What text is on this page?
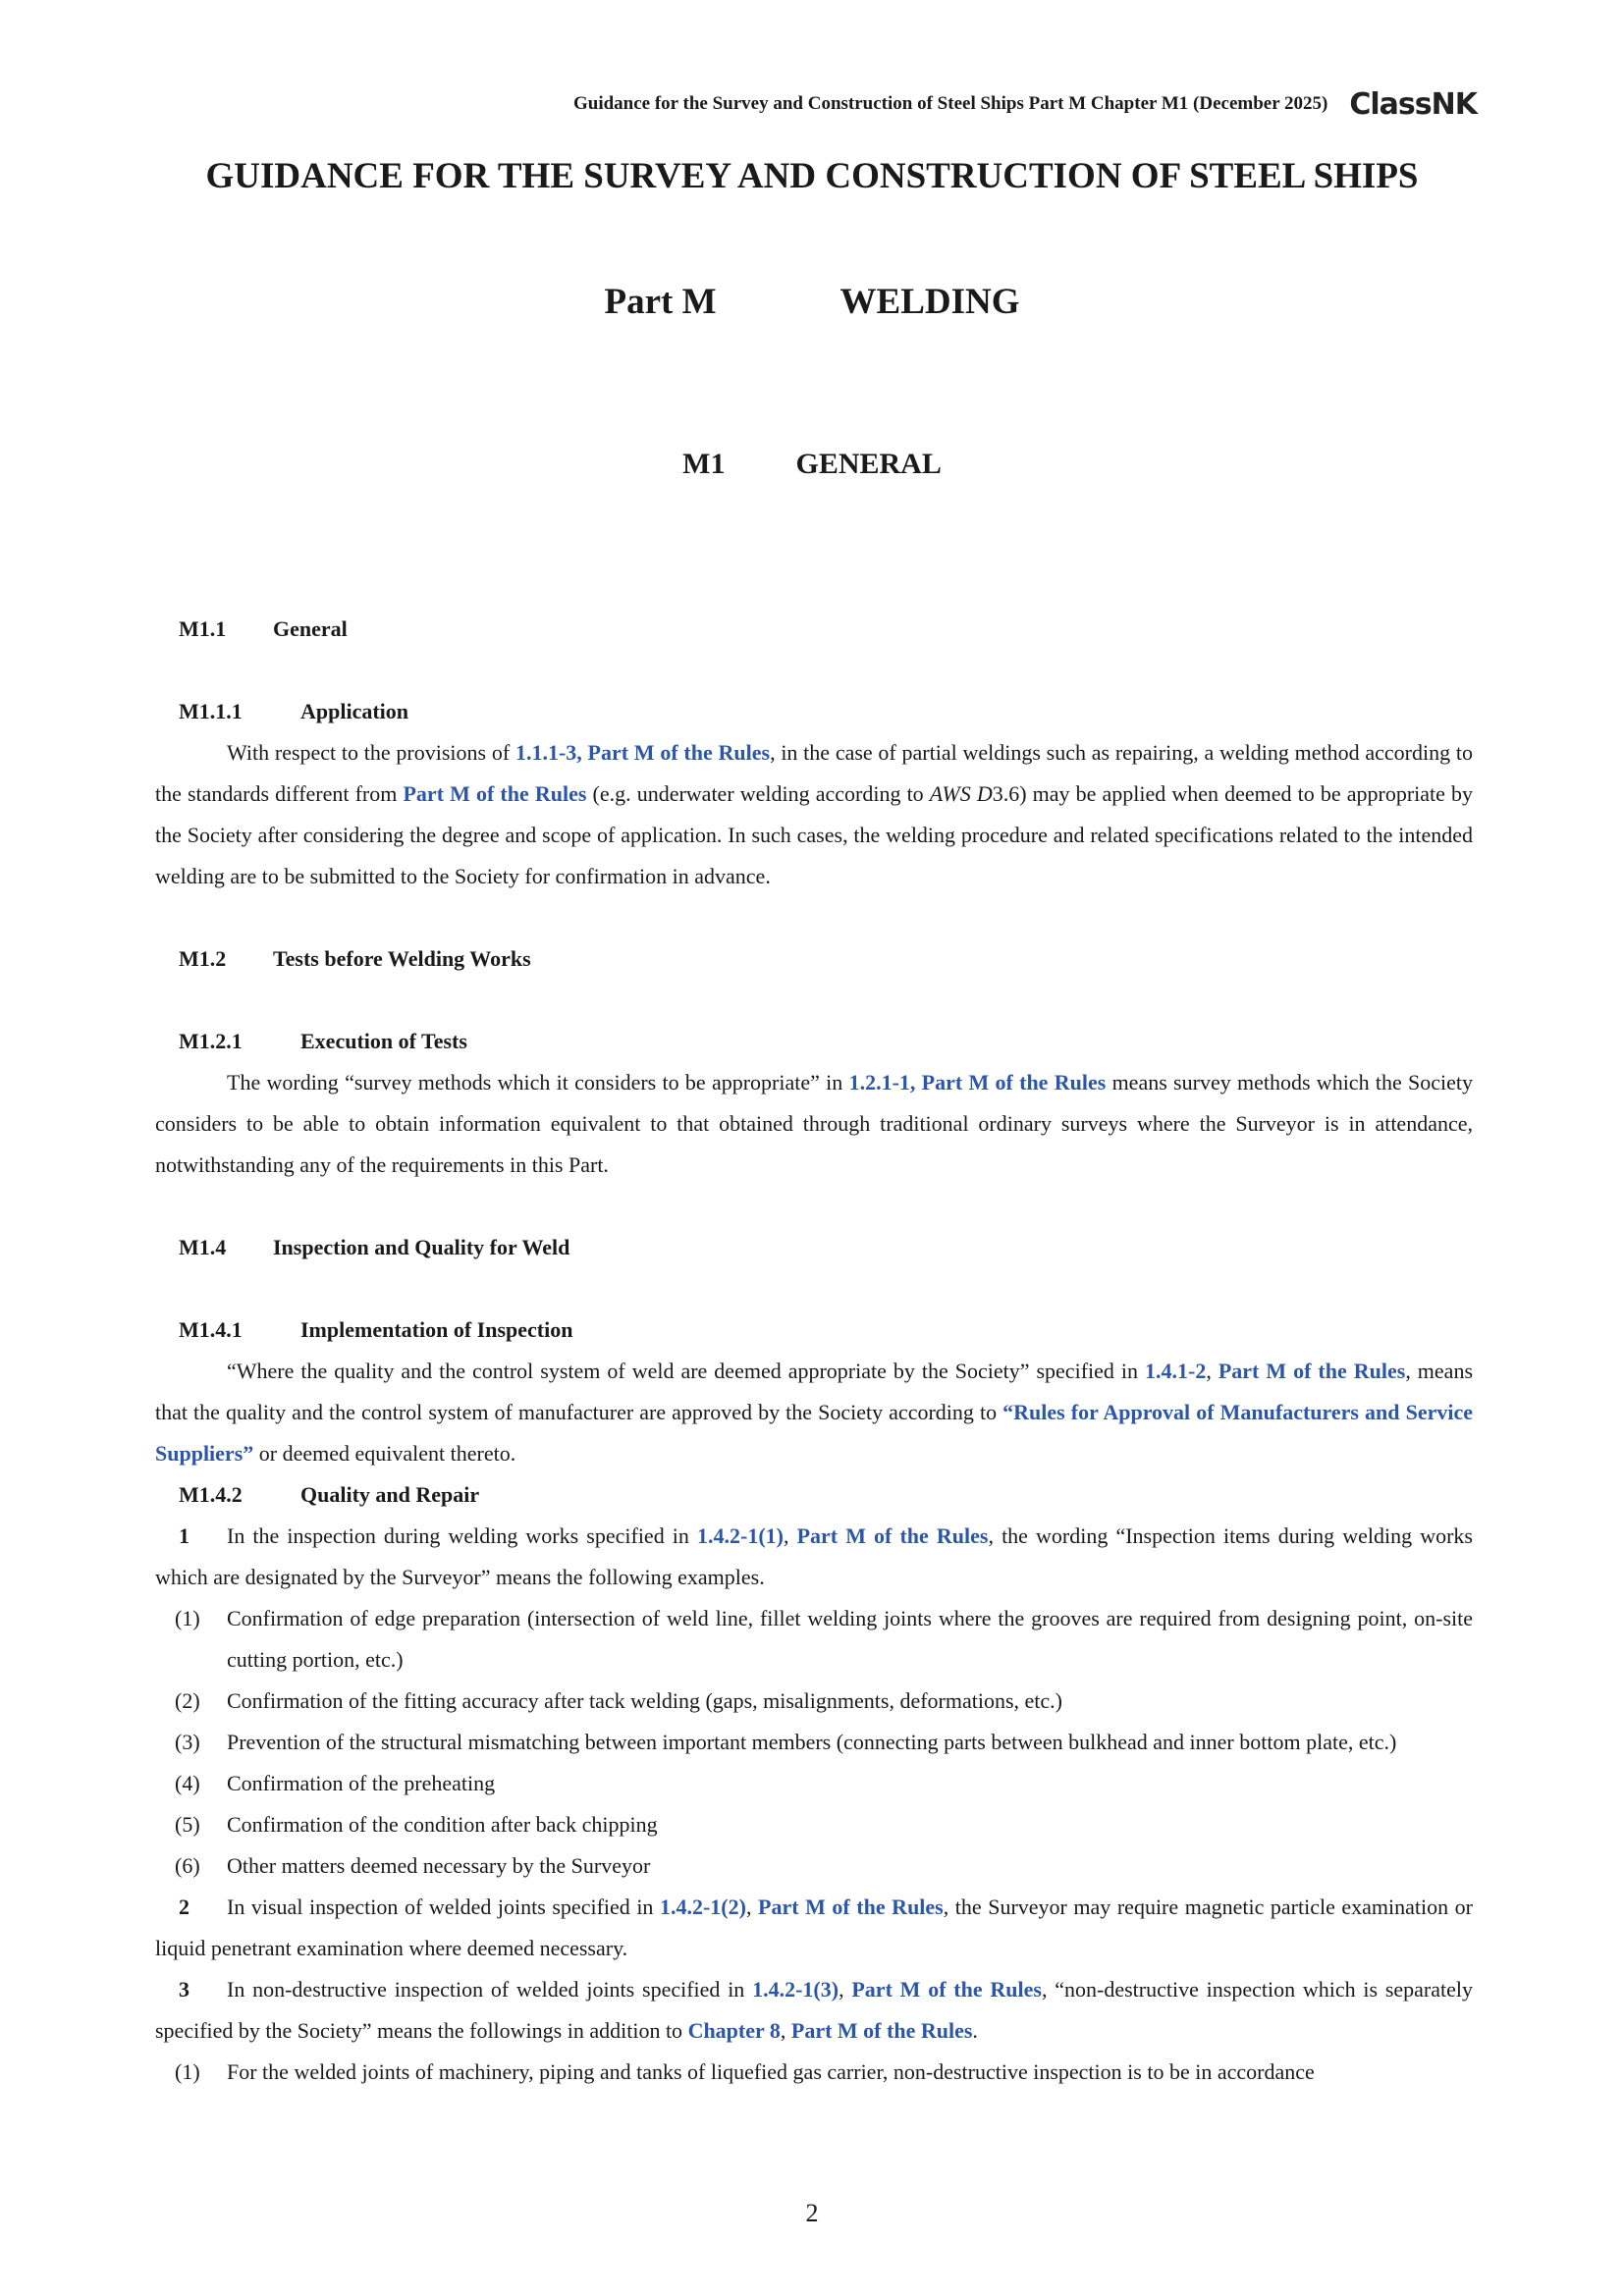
Guidance for the Survey and Construction of Steel Ships Part M Chapter M1 (December 2025) ClassNK
GUIDANCE FOR THE SURVEY AND CONSTRUCTION OF STEEL SHIPS
Part M	WELDING
M1 GENERAL
M1.1 General
M1.1.1	Application

With respect to the provisions of 1.1.1-3, Part M of the Rules, in the case of partial weldings such as repairing, a welding method according to the standards different from Part M of the Rules (e.g. underwater welding according to AWS D3.6) may be applied when deemed to be appropriate by the Society after considering the degree and scope of application. In such cases, the welding procedure and related specifications related to the intended welding are to be submitted to the Society for confirmation in advance.

M1.2 Tests before Welding Works
M1.2.1	Execution of Tests

The wording “survey methods which it considers to be appropriate” in 1.2.1-1, Part M of the Rules means survey methods which the Society considers to be able to obtain information equivalent to that obtained through traditional ordinary surveys where the Surveyor is in attendance, notwithstanding any of the requirements in this Part.

M1.4 Inspection and Quality for Weld
M1.4.1	Implementation of Inspection

“Where the quality and the control system of weld are deemed appropriate by the Society” specified in 1.4.1-2, Part M of the Rules, means that the quality and the control system of manufacturer are approved by the Society according to “Rules for Approval of Manufacturers and Service Suppliers” or deemed equivalent thereto.

M1.4.2	Quality and Repair

1 In the inspection during welding works specified in 1.4.2-1(1), Part M of the Rules, the wording “Inspection items during welding works which are designated by the Surveyor” means the following examples.

(1)	Confirmation of edge preparation (intersection of weld line, fillet welding joints where the grooves are required from designing point, on-site cutting portion, etc.)
(2)	Confirmation of the fitting accuracy after tack welding (gaps, misalignments, deformations, etc.)
(3)	Prevention of the structural mismatching between important members (connecting parts between bulkhead and inner bottom plate, etc.)
(4)	Confirmation of the preheating
(5)	Confirmation of the condition after back chipping
(6)	Other matters deemed necessary by the Surveyor

2 In visual inspection of welded joints specified in 1.4.2-1(2), Part M of the Rules, the Surveyor may require magnetic particle examination or liquid penetrant examination where deemed necessary.

3 In non-destructive inspection of welded joints specified in 1.4.2-1(3), Part M of the Rules, “non-destructive inspection which is separately specified by the Society” means the followings in addition to Chapter 8, Part M of the Rules.

(1)	For the welded joints of machinery, piping and tanks of liquefied gas carrier, non-destructive inspection is to be in accordance
2
